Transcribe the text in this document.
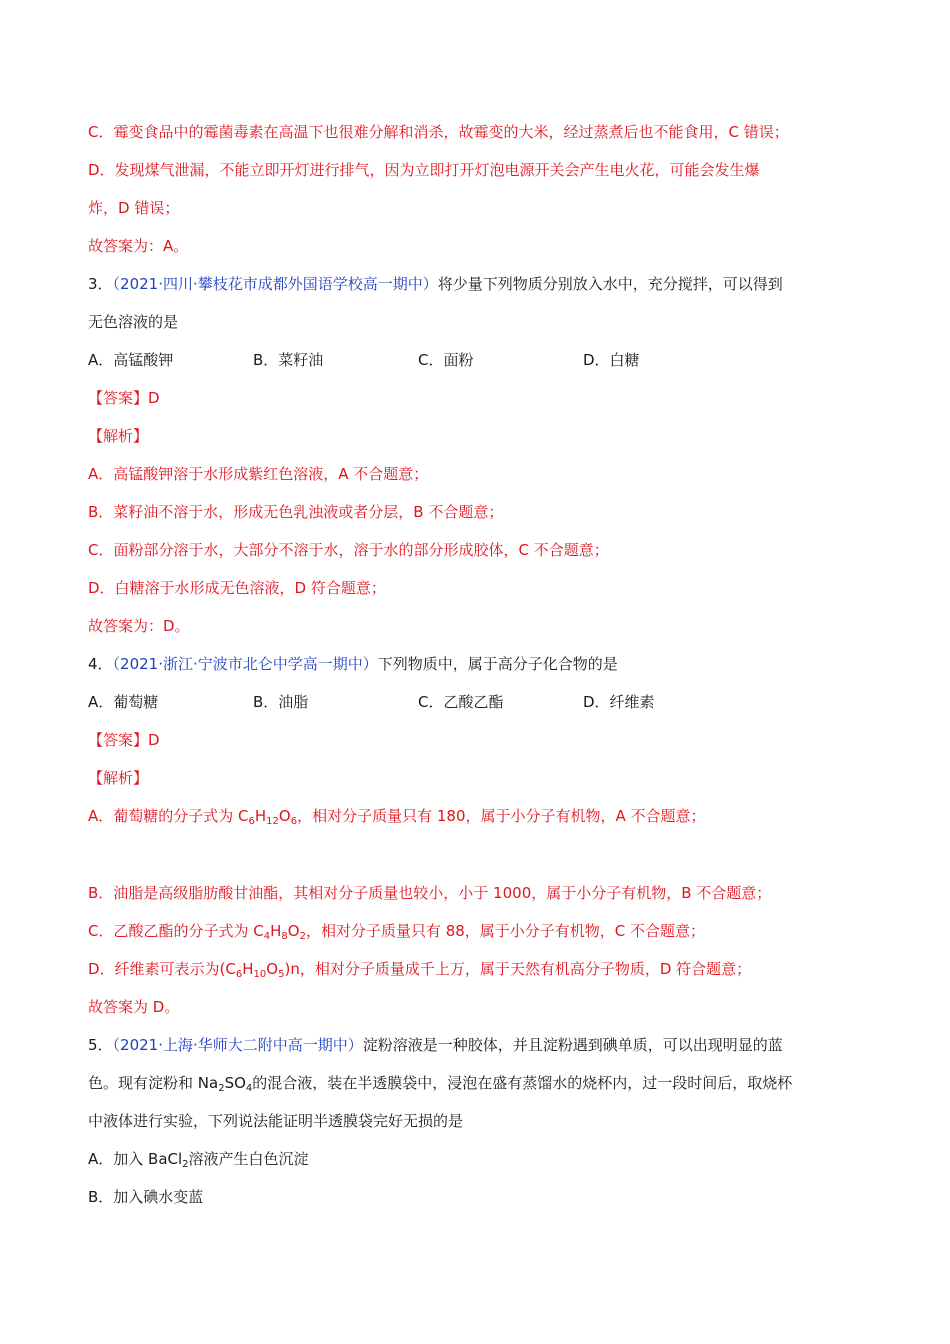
C．霉变食品中的霉菌毒素在高温下也很难分解和消杀，故霉变的大米，经过蒸煮后也不能食用，C 错误；
D．发现煤气泄漏，不能立即开灯进行排气，因为立即打开灯泡电源开关会产生电火花，可能会发生爆
炸，D 错误；
故答案为：A。
3．（2021·四川·攀枝花市成都外国语学校高一期中）将少量下列物质分别放入水中，充分搅拌，可以得到
无色溶液的是
A．高锰酸钾	B．菜籽油	C．面粉	D．白糖
【答案】D
【解析】
A．高锰酸钾溶于水形成紫红色溶液，A 不合题意；
B．菜籽油不溶于水，形成无色乳浊液或者分层，B 不合题意；
C．面粉部分溶于水，大部分不溶于水，溶于水的部分形成胶体，C 不合题意；
D．白糖溶于水形成无色溶液，D 符合题意；
故答案为：D。
4．（2021·浙江·宁波市北仑中学高一期中）下列物质中，属于高分子化合物的是
A．葡萄糖	B．油脂	C．乙酸乙酯	D．纤维素
【答案】D
【解析】
A．葡萄糖的分子式为 $C_6H_{12}O_6$，相对分子质量只有 180，属于小分子有机物，A 不合题意；
B．油脂是高级脂肪酸甘油酯，其相对分子质量也较小，小于 1000，属于小分子有机物，B 不合题意；
C．乙酸乙酯的分子式为 $C_4H_8O_2$，相对分子质量只有 88，属于小分子有机物，C 不合题意；
D．纤维素可表示为$(C_6H_{10}O_5)n$，相对分子质量成千上万，属于天然有机高分子物质，D 符合题意；
故答案为 D。
5．（2021·上海·华师大二附中高一期中）淀粉溶液是一种胶体，并且淀粉遇到碘单质，可以出现明显的蓝
色。现有淀粉和 $Na_2SO_4$的混合液，装在半透膜袋中，浸泡在盛有蒸馏水的烧杯内，过一段时间后，取烧杯
中液体进行实验，下列说法能证明半透膜袋完好无损的是
A．加入 BaCl$_2$溶液产生白色沉淀
B．加入碘水变蓝
